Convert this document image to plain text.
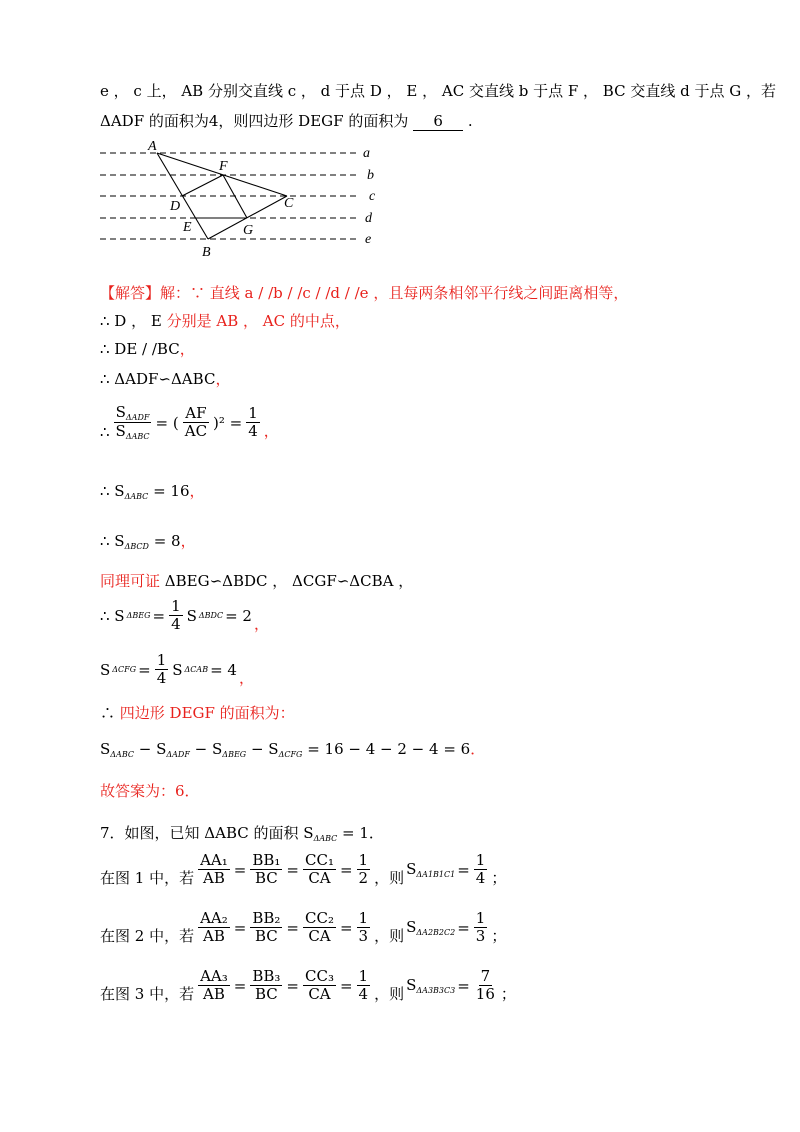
e ， c 上， AB 分别交直线 c ， d 于点 D ， E ， AC 交直线 b 于点 F ， BC 交直线 d 于点 G ，若
ΔADF 的面积为4，则四边形 DEGF 的面积为 6 .
a
b
c
d
e
A
F
C
D
E	G
B
【解答】解：∵ 直线 a / /b / /c / /d / /e ，且每两条相邻平行线之间距离相等，
∴ D ， E 分别是 AB ， AC 的中点，
∴ DE / /BC，
∴ ΔADF∽ΔABC，
∴ $\frac{S_{\Delta ADF}}{S_{\Delta ABC}}$ = ( $\frac{AF}{AC} )^2 = \frac{1}{4}$ ，
∴ $S_{\Delta ABC} = 16$，
∴ $S_{\Delta BCD} = 8$，
同理可证 ΔBEG∽ΔBDC ， ΔCGF∽ΔCBA ，
∴ S $\Delta BEG = \frac{1}{4}$ S ΔBDC = 2 ，
S $\Delta CFG = \frac{1}{4}$ S ΔCAB = 4 ，
∴ 四边形 DEGF 的面积为：
$S_{\Delta ABC} - S_{\Delta ADF} - S_{\Delta BEG} - S_{\Delta CFG} = 16 - 4 - 2 - 4 = 6$．
故答案为：6．
7．如图，已知 ΔABC 的面积 $S_{\Delta ABC} = 1$．
在图 1 中，若 $\frac{\text{AA₁}}{AB} = \frac{\text{BB₁}}{BC} = \frac{\text{CC₁}}{CA} = \frac{1}{2}$ ，则 $S_{\Delta A1B1C1} = \frac{1}{4}$ ；
在图 2 中，若 $\frac{\text{AA₂}}{AB} = \frac{\text{BB₂}}{BC} = \frac{\text{CC₂}}{CA} = \frac{1}{3}$ ，则 $S_{\Delta A2B2C2} = \frac{1}{3}$ ；
在图 3 中，若 $\frac{\text{AA₃}}{AB} = \frac{\text{BB₃}}{BC} = \frac{\text{CC₃}}{CA} = \frac{1}{4}$ ，则 $S_{\Delta A3B3C3} = \frac{7}{16}$ ；
